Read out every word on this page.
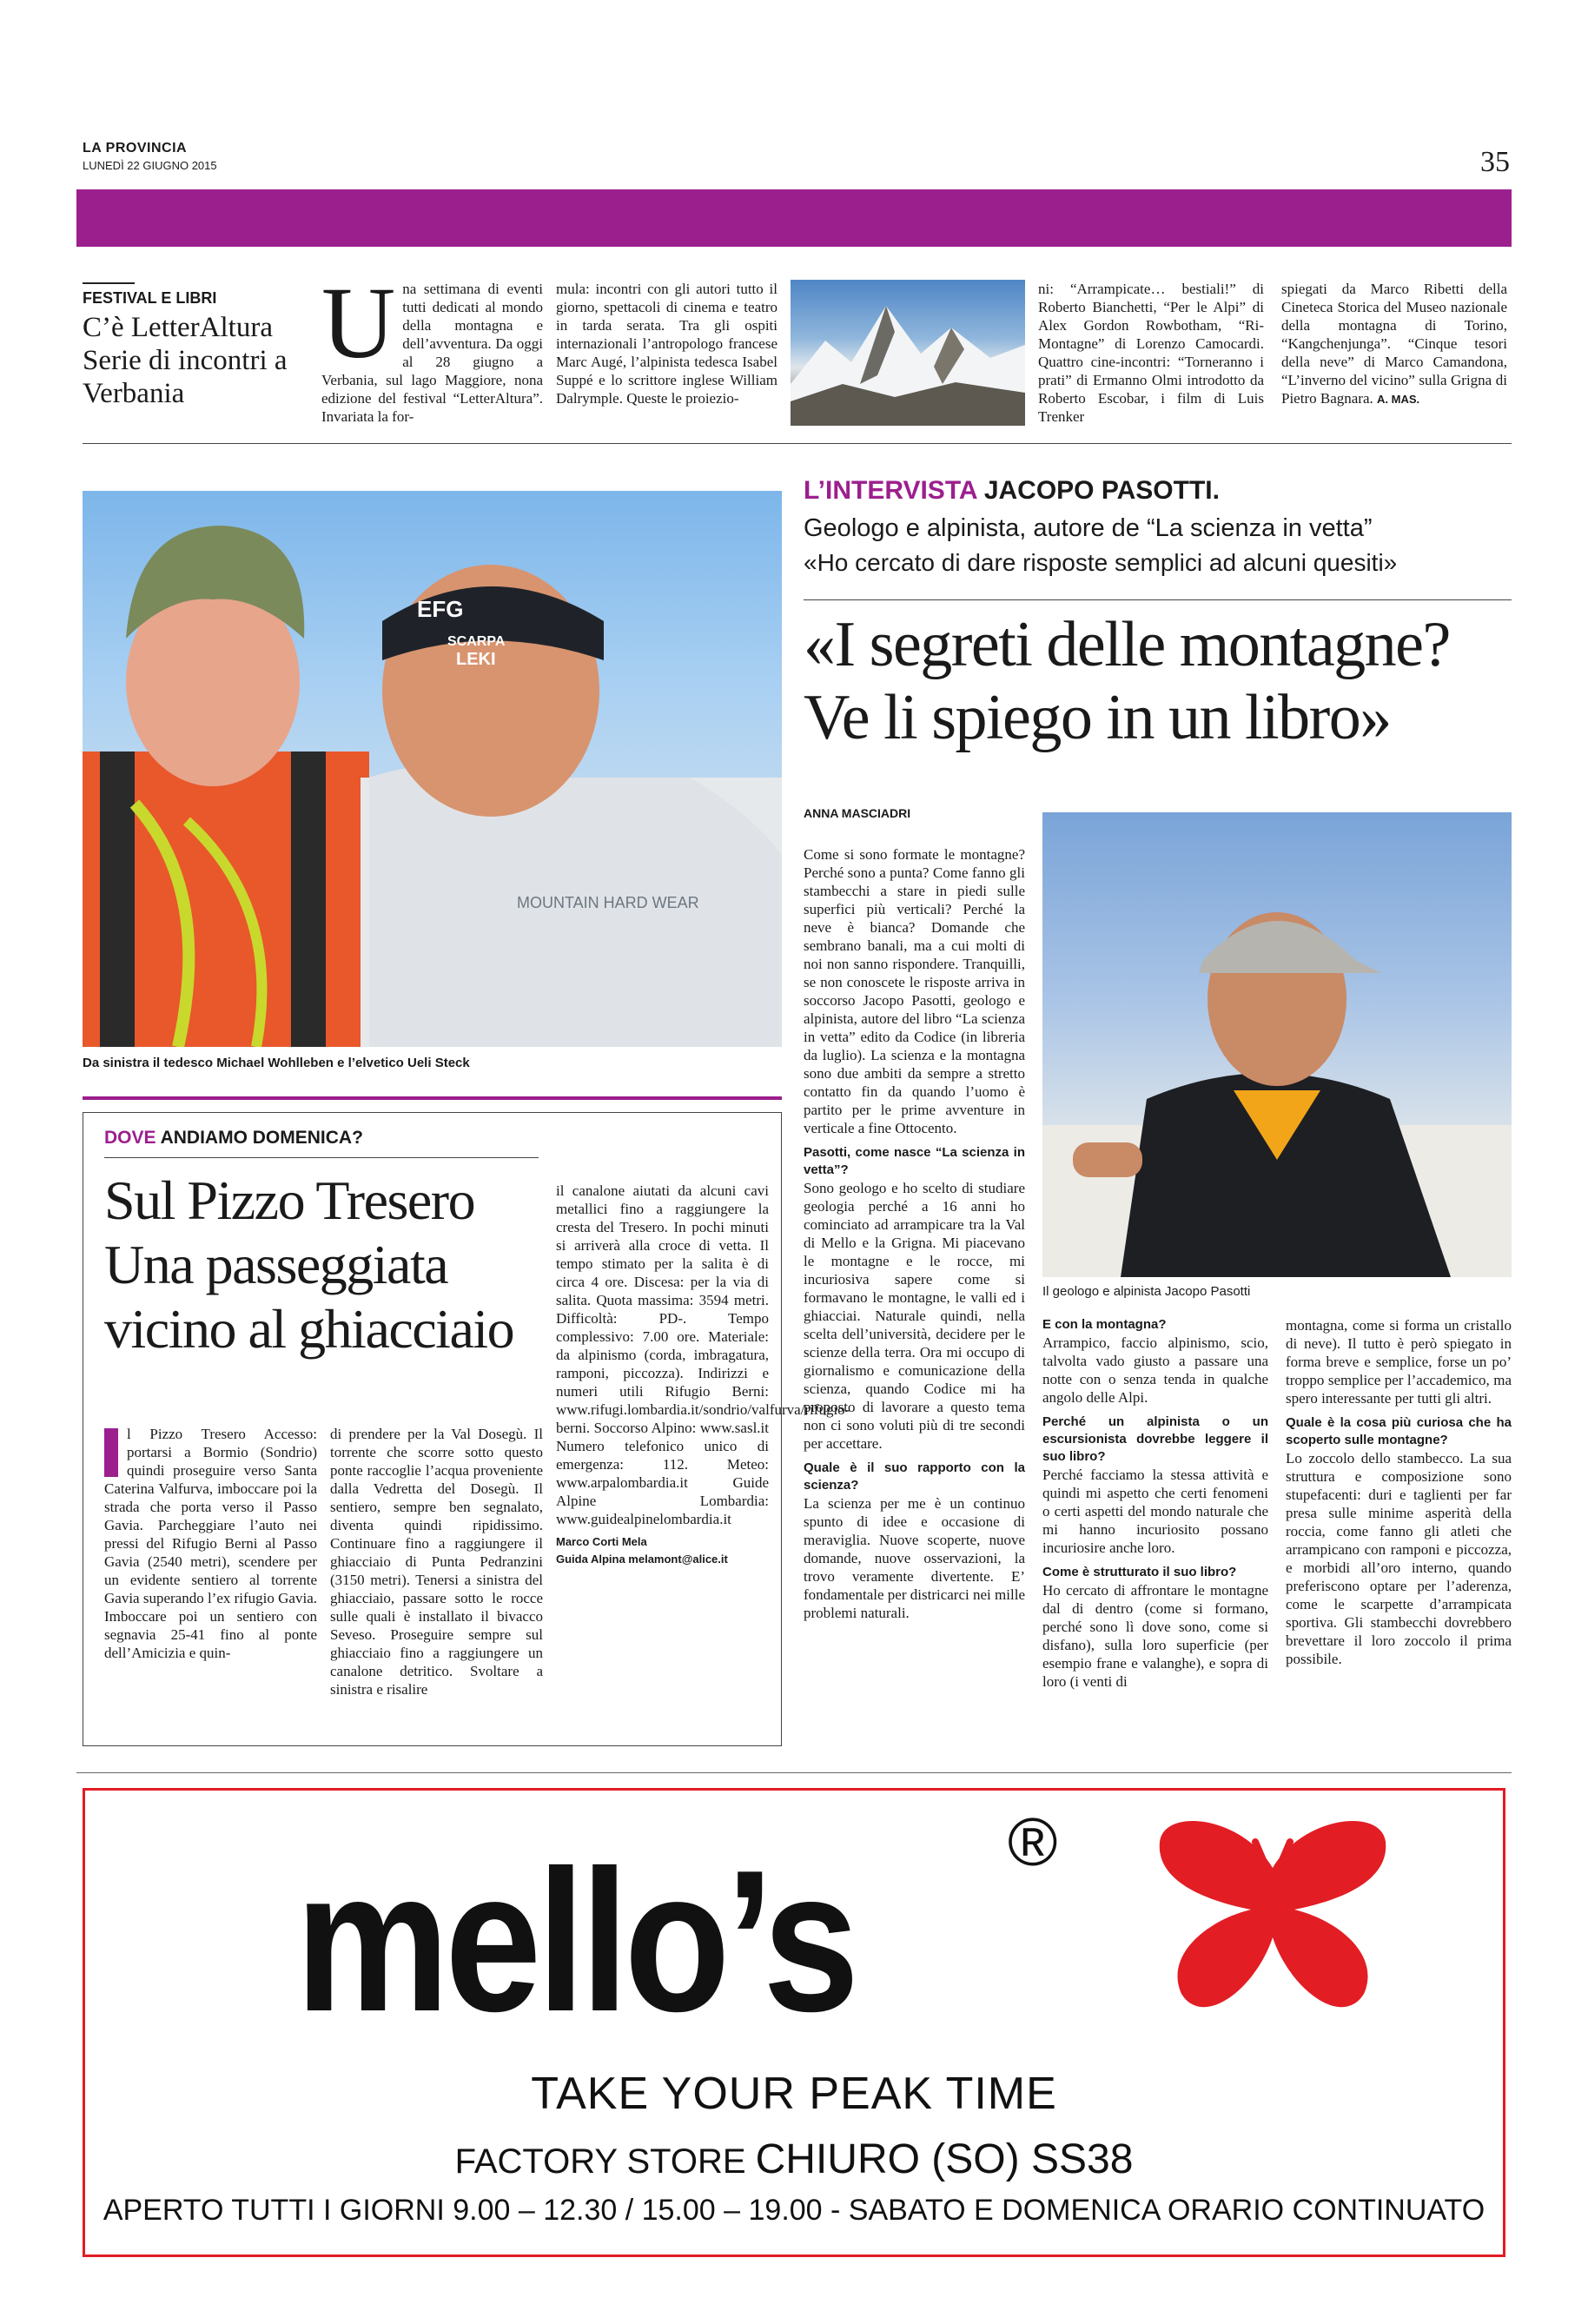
LA PROVINCIA
LUNEDÌ 22 GIUGNO 2015	35
FESTIVAL E LIBRI
C’è LetterAltura Serie di incontri a Verbania
U na settimana di eventi tutti dedicati al mondo della montagna e dell’avventura. Da oggi al 28 giugno a Verbania, sul lago Maggiore, nona edizione del festival “LetterAltura”. Invariata la for-
mula: incontri con gli autori tutto il giorno, spettacoli di cinema e teatro in tarda serata. Tra gli ospiti internazionali l’antropologo francese Marc Augé, l’alpinista tedesca Isabel Suppé e lo scrittore inglese William Dalrymple. Queste le proiezio-
ni: “Arrampicate… bestiali!” di Roberto Bianchetti, “Per le Alpi” di Alex Gordon Rowbotham, “Ri-Montagne” di Lorenzo Camocardi. Quattro cine-incontri: “Torneranno i prati” di Ermanno Olmi introdotto da Roberto Escobar, i film di Luis Trenker
spiegati da Marco Ribetti della Cineteca Storica del Museo nazionale della montagna di Torino, “Kangchenjunga”. “Cinque tesori della neve” di Marco Camandona, “L’inverno del vicino” sulla Grigna di Pietro Bagnara. A. MAS.
EFG
SCARPA
LEKI
MOUNTAIN HARD WEAR
Da sinistra il tedesco Michael Wohlleben e l’elvetico Ueli Steck
L’INTERVISTA JACOPO PASOTTI.
Geologo e alpinista, autore de “La scienza in vetta”
«Ho cercato di dare risposte semplici ad alcuni quesiti»
«I segreti delle montagne? Ve li spiego in un libro»
ANNA MASCIADRI
Come si sono formate le montagne? Perché sono a punta? Come fanno gli stambecchi a stare in piedi sulle superfici più verticali? Perché la neve è bianca? Domande che sembrano banali, ma a cui molti di noi non sanno rispondere. Tranquilli, se non conoscete le risposte arriva in soccorso Jacopo Pasotti, geologo e alpinista, autore del libro “La scienza in vetta” edito da Codice (in libreria da luglio). La scienza e la montagna sono due ambiti da sempre a stretto contatto fin da quando l’uomo è partito per le prime avventure in verticale a fine Ottocento.
Pasotti, come nasce “La scienza in vetta”?
Sono geologo e ho scelto di studiare geologia perché a 16 anni ho cominciato ad arrampicare tra la Val di Mello e la Grigna. Mi piacevano le montagne e le rocce, mi incuriosiva sapere come si formavano le montagne, le valli ed i ghiacciai. Naturale quindi, nella scelta dell’università, decidere per le scienze della terra. Ora mi occupo di giornalismo e comunicazione della scienza, quando Codice mi ha proposto di lavorare a questo tema non ci sono voluti più di tre secondi per accettare.
Quale è il suo rapporto con la scienza?
La scienza per me è un continuo spunto di idee e occasione di meraviglia. Nuove scoperte, nuove domande, nuove osservazioni, la trovo veramente divertente. E’ fondamentale per districarci nei mille problemi naturali.
Il geologo e alpinista Jacopo Pasotti
E con la montagna?
Arrampico, faccio alpinismo, scio, talvolta vado giusto a passare una notte con o senza tenda in qualche angolo delle Alpi.
Perché un alpinista o un escursionista dovrebbe leggere il suo libro?
Perché facciamo la stessa attività e quindi mi aspetto che certi fenomeni o certi aspetti del mondo naturale che mi hanno incuriosito possano incuriosire anche loro.
Come è strutturato il suo libro?
Ho cercato di affrontare le montagne dal di dentro (come si formano, perché sono lì dove sono, come si disfano), sulla loro superficie (per esempio frane e valanghe), e sopra di loro (i venti di
montagna, come si forma un cristallo di neve). Il tutto è però spiegato in forma breve e semplice, forse un po’ troppo semplice per l’accademico, ma spero interessante per tutti gli altri.
Quale è la cosa più curiosa che ha scoperto sulle montagne?
Lo zoccolo dello stambecco. La sua struttura e composizione sono stupefacenti: duri e taglienti per far presa sulle minime asperità della roccia, come fanno gli atleti che arrampicano con ramponi e piccozza, e morbidi all’oro interno, quando preferiscono optare per l’aderenza, come le scarpette d’arrampicata sportiva. Gli stambecchi dovrebbero brevettare il loro zoccolo il prima possibile.
DOVE ANDIAMO DOMENICA?
Sul Pizzo Tresero Una passeggiata vicino al ghiacciaio
l Pizzo Tresero Accesso: portarsi a Bormio (Sondrio) quindi proseguire verso Santa Caterina Valfurva, imboccare poi la strada che porta verso il Passo Gavia. Parcheggiare l’auto nei pressi del Rifugio Berni al Passo Gavia (2540 metri), scendere per un evidente sentiero al torrente Gavia superando l’ex rifugio Gavia. Imboccare poi un sentiero con segnavia 25-41 fino al ponte dell’Amicizia e quin-
di prendere per la Val Dosegù. Il torrente che scorre sotto questo ponte raccoglie l’acqua proveniente dalla Vedretta del Dosegù. Il sentiero, sempre ben segnalato, diventa quindi ripidissimo. Continuare fino a raggiungere il ghiacciaio di Punta Pedranzini (3150 metri). Tenersi a sinistra del ghiacciaio, passare sotto le rocce sulle quali è installato il bivacco Seveso. Proseguire sempre sul ghiacciaio fino a raggiungere un canalone detritico. Svoltare a sinistra e risalire
il canalone aiutati da alcuni cavi metallici fino a raggiungere la cresta del Tresero. In pochi minuti si arriverà alla croce di vetta. Il tempo stimato per la salita è di circa 4 ore. Discesa: per la via di salita. Quota massima: 3594 metri. Difficoltà: PD-. Tempo complessivo: 7.00 ore. Materiale: da alpinismo (corda, imbragatura, ramponi, piccozza). Indirizzi e numeri utili Rifugio Berni: www.rifugi.lombardia.it/sondrio/valfurva/rifugio-berni. Soccorso Alpino: www.sasl.it Numero telefonico unico di emergenza: 112. Meteo: www.arpalombardia.it Guide Alpine Lombardia: www.guidealpinelombardia.it
Marco Corti Mela
Guida Alpina melamont@alice.it
mello’s ®
TAKE YOUR PEAK TIME
FACTORY STORE CHIURO (SO) SS38
APERTO TUTTI I GIORNI 9.00 – 12.30 / 15.00 – 19.00 - SABATO E DOMENICA ORARIO CONTINUATO
